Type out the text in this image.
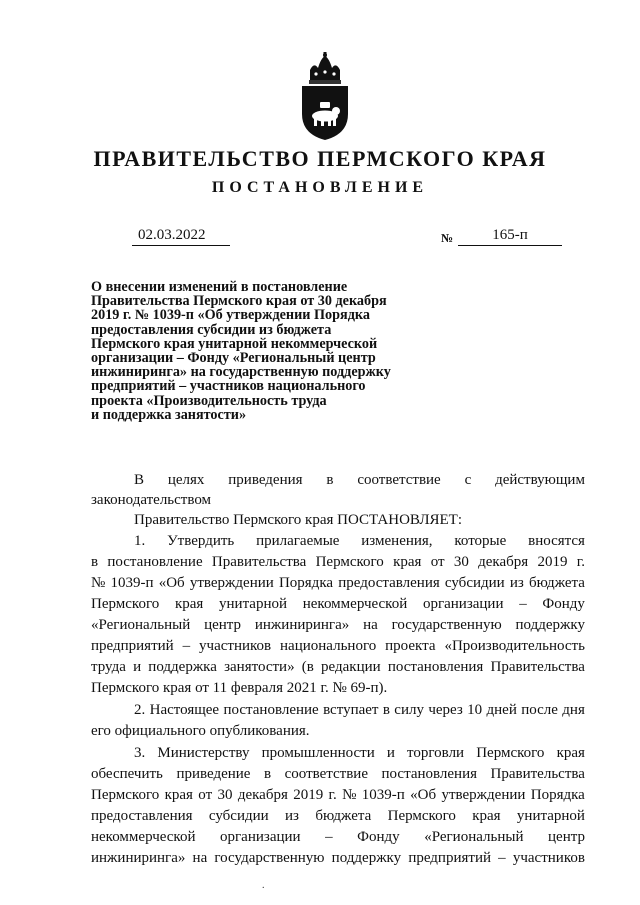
ПРАВИТЕЛЬСТВО ПЕРМСКОГО КРАЯ
ПОСТАНОВЛЕНИЕ
02.03.2022	№	165-п
О внесении изменений в постановление
Правительства Пермского края от 30 декабря
2019 г. № 1039-п «Об утверждении Порядка
предоставления субсидии из бюджета
Пермского края унитарной некоммерческой
организации – Фонду «Региональный центр
инжиниринга» на государственную поддержку
предприятий – участников национального
проекта «Производительность труда
и поддержка занятости»
В целях приведения в соответствие с действующим
законодательством
Правительство Пермского края ПОСТАНОВЛЯЕТ:
1. Утвердить прилагаемые изменения, которые вносятся
в постановление Правительства Пермского края от 30 декабря 2019 г.
№ 1039-п «Об утверждении Порядка предоставления субсидии из бюджета
Пермского края унитарной некоммерческой организации – Фонду
«Региональный центр инжиниринга» на государственную поддержку
предприятий – участников национального проекта «Производительность
труда и поддержка занятости» (в редакции постановления Правительства
Пермского края от 11 февраля 2021 г. № 69-п).
2. Настоящее постановление вступает в силу через 10 дней после дня
его официального опубликования.
3. Министерству промышленности и торговли Пермского края
обеспечить приведение в соответствие постановления Правительства
Пермского края от 30 декабря 2019 г. № 1039-п «Об утверждении Порядка
предоставления субсидии из бюджета Пермского края унитарной
некоммерческой организации – Фонду «Региональный центр
инжиниринга» на государственную поддержку предприятий – участников
.
